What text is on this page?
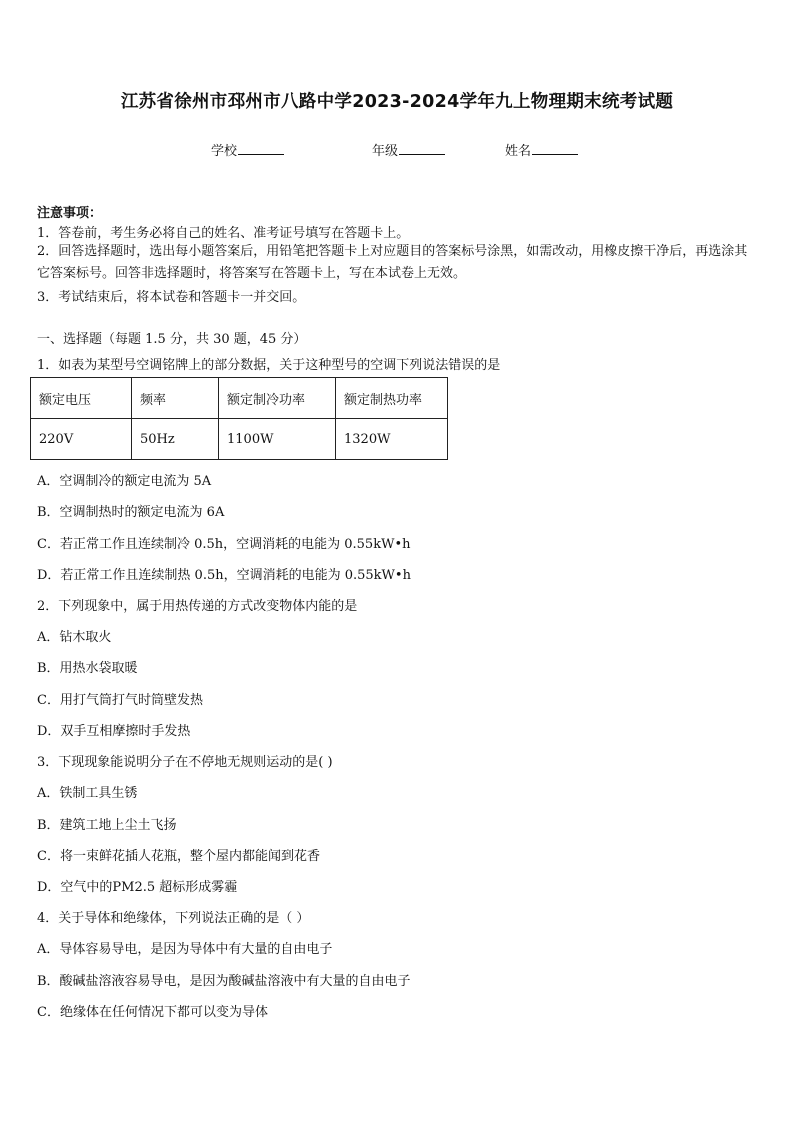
江苏省徐州市邳州市八路中学2023-2024学年九上物理期末统考试题
学校	年级	姓名
注意事项：
1．答卷前，考生务必将自己的姓名、准考证号填写在答题卡上。
2．回答选择题时，选出每小题答案后，用铅笔把答题卡上对应题目的答案标号涂黑，如需改动，用橡皮擦干净后，再选涂其它答案标号。回答非选择题时，将答案写在答题卡上，写在本试卷上无效。
3．考试结束后，将本试卷和答题卡一并交回。
一、选择题（每题 1.5 分，共 30 题，45 分）
1．如表为某型号空调铭牌上的部分数据，关于这种型号的空调下列说法错误的是
额定电压	频率	额定制冷功率	额定制热功率
220V	50Hz	1100W	1320W
A．空调制冷的额定电流为 5A
B．空调制热时的额定电流为 6A
C．若正常工作且连续制冷 0.5h，空调消耗的电能为 0.55kW•h
D．若正常工作且连续制热 0.5h，空调消耗的电能为 0.55kW•h
2．下列现象中，属于用热传递的方式改变物体内能的是
A．钻木取火
B．用热水袋取暖
C．用打气筒打气时筒壁发热
D．双手互相摩擦时手发热
3．下现现象能说明分子在不停地无规则运动的是( )
A．铁制工具生锈
B．建筑工地上尘土飞扬
C．将一束鲜花插人花瓶，整个屋内都能闻到花香
D．空气中的PM2.5 超标形成雾霾
4．关于导体和绝缘体，下列说法正确的是（ ）
A．导体容易导电，是因为导体中有大量的自由电子
B．酸碱盐溶液容易导电，是因为酸碱盐溶液中有大量的自由电子
C．绝缘体在任何情况下都可以变为导体
